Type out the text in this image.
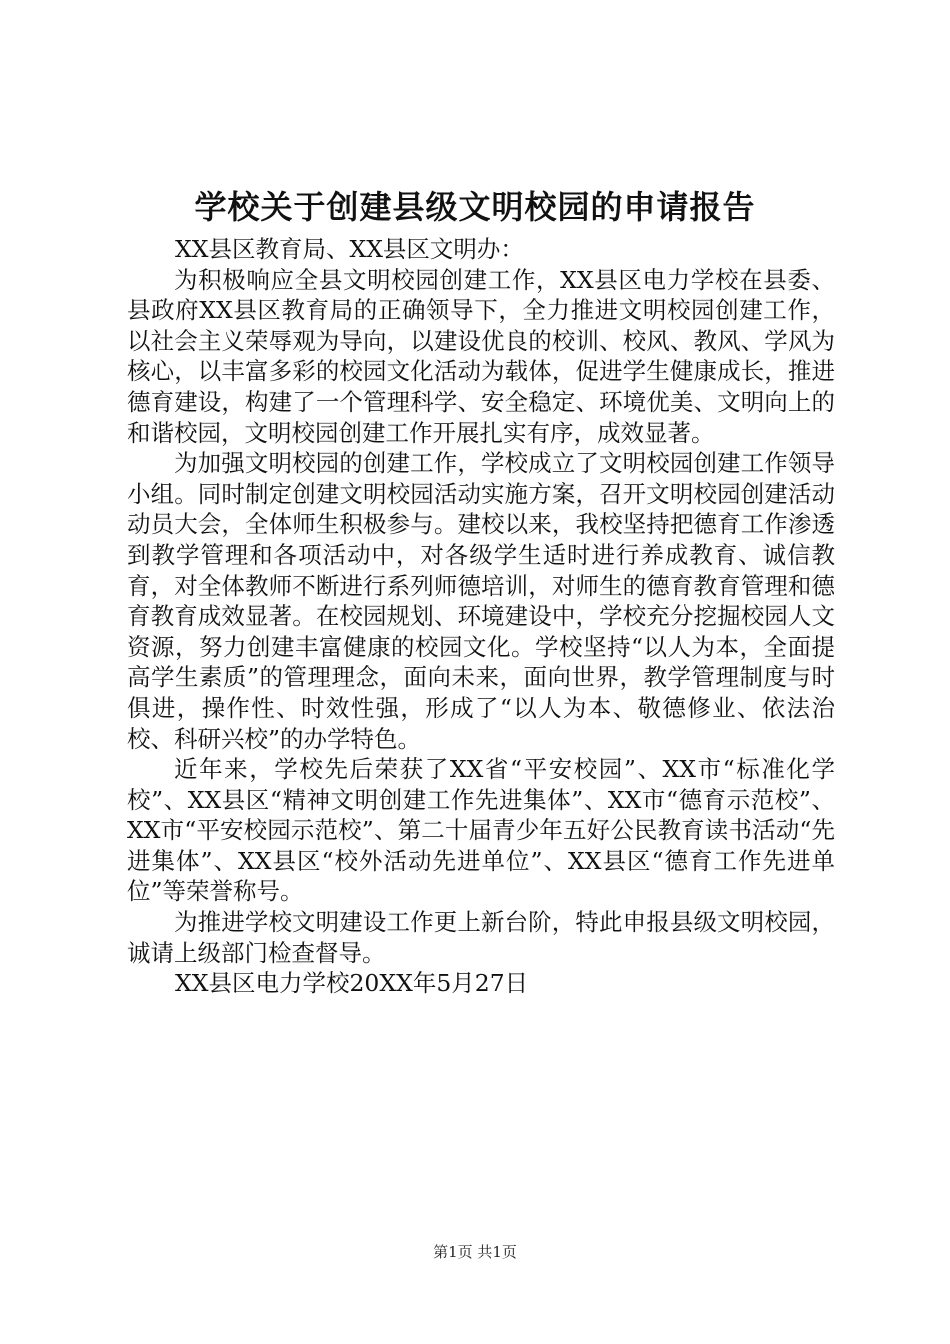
学校关于创建县级文明校园的申请报告

XX县区教育局、XX县区文明办：

为积极响应全县文明校园创建工作，XX县区电力学校在县委、县政府XX县区教育局的正确领导下，全力推进文明校园创建工作，以社会主义荣辱观为导向，以建设优良的校训、校风、教风、学风为核心，以丰富多彩的校园文化活动为载体，促进学生健康成长，推进德育建设，构建了一个管理科学、安全稳定、环境优美、文明向上的和谐校园，文明校园创建工作开展扎实有序，成效显著。

为加强文明校园的创建工作，学校成立了文明校园创建工作领导小组。同时制定创建文明校园活动实施方案，召开文明校园创建活动动员大会，全体师生积极参与。建校以来，我校坚持把德育工作渗透到教学管理和各项活动中，对各级学生适时进行养成教育、诚信教育，对全体教师不断进行系列师德培训，对师生的德育教育管理和德育教育成效显著。在校园规划、环境建设中，学校充分挖掘校园人文资源，努力创建丰富健康的校园文化。学校坚持“以人为本，全面提高学生素质”的管理理念，面向未来，面向世界，教学管理制度与时俱进，操作性、时效性强，形成了“以人为本、敬德修业、依法治校、科研兴校”的办学特色。

近年来，学校先后荣获了XX省“平安校园”、XX市“标准化学校”、XX县区“精神文明创建工作先进集体”、XX市“德育示范校”、XX市“平安校园示范校”、第二十届青少年五好公民教育读书活动“先进集体”、XX县区“校外活动先进单位”、XX县区“德育工作先进单位”等荣誉称号。

为推进学校文明建设工作更上新台阶，特此申报县级文明校园，诚请上级部门检查督导。

XX县区电力学校20XX年5月27日

第1页 共1页
